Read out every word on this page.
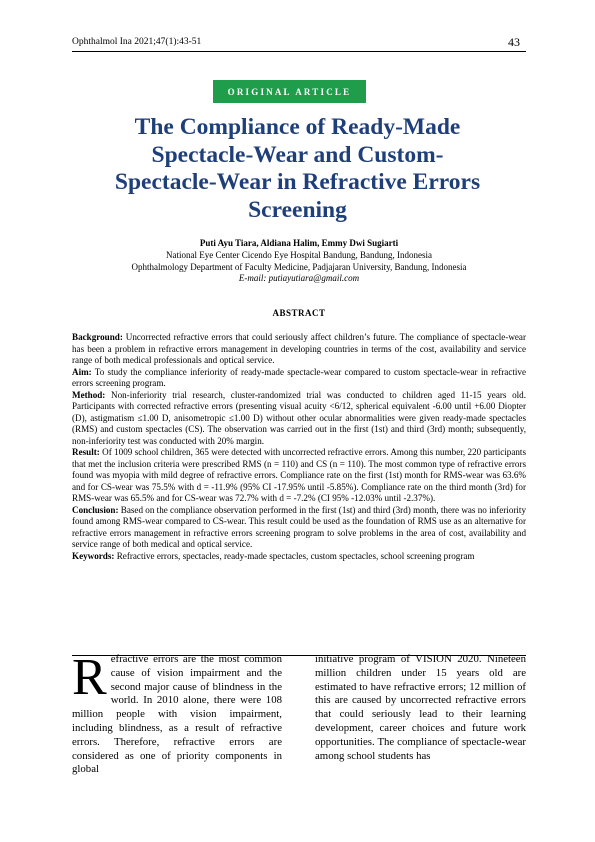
Ophthalmol Ina 2021;47(1):43-51	43
ORIGINAL ARTICLE
The Compliance of Ready-Made
Spectacle-Wear and Custom-
Spectacle-Wear in Refractive Errors
Screening
Puti Ayu Tiara, Aldiana Halim, Emmy Dwi Sugiarti
National Eye Center Cicendo Eye Hospital Bandung, Bandung, Indonesia
Ophthalmology Department of Faculty Medicine, Padjajaran University, Bandung, Indonesia
E-mail: putiayutiara@gmail.com
ABSTRACT

Background: Uncorrected refractive errors that could seriously affect children’s future. The compliance of spectacle-wear has been a problem in refractive errors management in developing countries in terms of the cost, availability and service range of both medical professionals and optical service.

Aim: To study the compliance inferiority of ready-made spectacle-wear compared to custom spectacle-wear in refractive errors screening program.

Method: Non-inferiority trial research, cluster-randomized trial was conducted to children aged 11-15 years old. Participants with corrected refractive errors (presenting visual acuity <6/12, spherical equivalent -6.00 until +6.00 Diopter (D), astigmatism ≤1.00 D, anisometropic ≤1.00 D) without other ocular abnormalities were given ready-made spectacles (RMS) and custom spectacles (CS). The observation was carried out in the first (1st) and third (3rd) month; subsequently, non-inferiority test was conducted with 20% margin.

Result: Of 1009 school children, 365 were detected with uncorrected refractive errors. Among this number, 220 participants that met the inclusion criteria were prescribed RMS (n = 110) and CS (n = 110). The most common type of refractive errors found was myopia with mild degree of refractive errors. Compliance rate on the first (1st) month for RMS-wear was 63.6% and for CS-wear was 75.5% with d = -11.9% (95% CI -17.95% until -5.85%). Compliance rate on the third month (3rd) for RMS-wear was 65.5% and for CS-wear was 72.7% with d = -7.2% (CI 95% -12.03% until -2.37%).

Conclusion: Based on the compliance observation performed in the first (1st) and third (3rd) month, there was no inferiority found among RMS-wear compared to CS-wear. This result could be used as the foundation of RMS use as an alternative for refractive errors management in refractive errors screening program to solve problems in the area of cost, availability and service range of both medical and optical service.

Keywords: Refractive errors, spectacles, ready-made spectacles, custom spectacles, school screening program

Refractive errors are the most common cause of vision impairment and the second major cause of blindness in the world. In 2010 alone, there were 108 million people with vision impairment, including blindness, as a result of refractive errors. Therefore, refractive errors are considered as one of priority components in global

initiative program of VISION 2020. Nineteen million children under 15 years old are estimated to have refractive errors; 12 million of this are caused by uncorrected refractive errors that could seriously lead to their learning development, career choices and future work opportunities. The compliance of spectacle-wear among school students has
